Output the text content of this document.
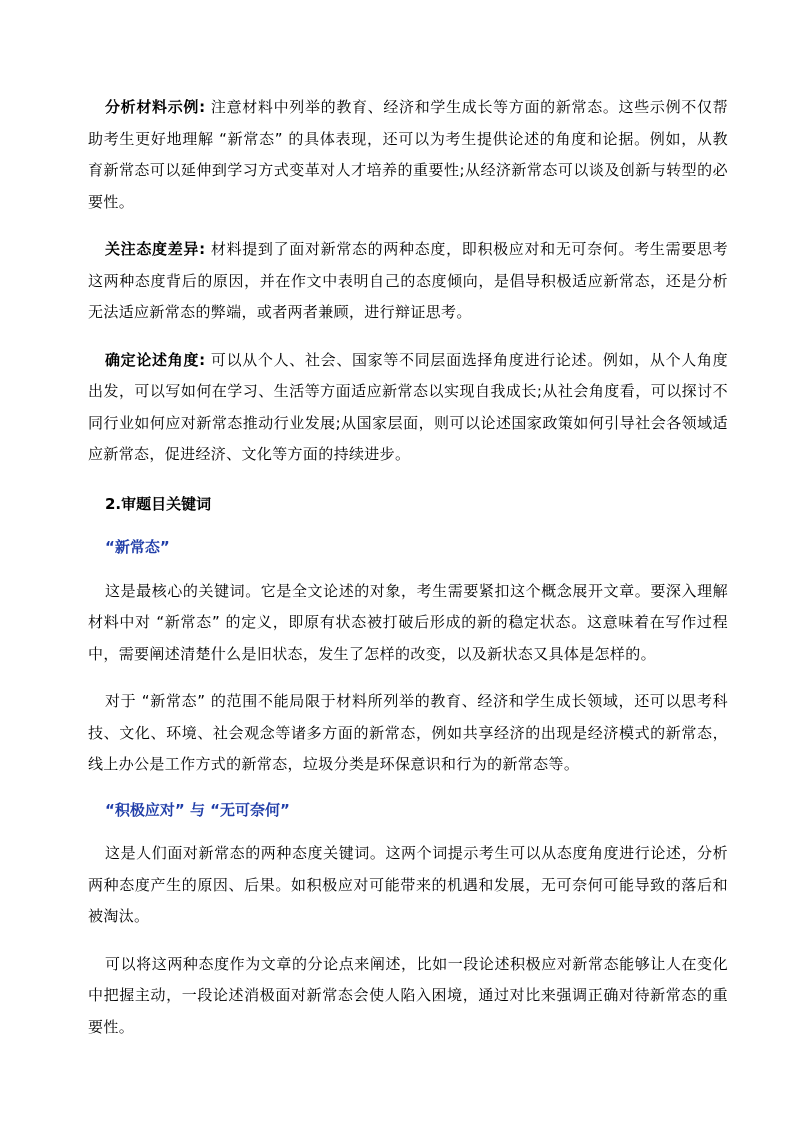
分析材料示例: 注意材料中列举的教育、经济和学生成长等方面的新常态。这些示例不仅帮助考生更好地理解 “新常态” 的具体表现，还可以为考生提供论述的角度和论据。例如，从教育新常态可以延伸到学习方式变革对人才培养的重要性;从经济新常态可以谈及创新与转型的必要性。

关注态度差异: 材料提到了面对新常态的两种态度，即积极应对和无可奈何。考生需要思考这两种态度背后的原因，并在作文中表明自己的态度倾向，是倡导积极适应新常态，还是分析无法适应新常态的弊端，或者两者兼顾，进行辩证思考。

确定论述角度: 可以从个人、社会、国家等不同层面选择角度进行论述。例如，从个人角度出发，可以写如何在学习、生活等方面适应新常态以实现自我成长;从社会角度看，可以探讨不同行业如何应对新常态推动行业发展;从国家层面，则可以论述国家政策如何引导社会各领域适应新常态，促进经济、文化等方面的持续进步。

2.审题目关键词
“新常态”

这是最核心的关键词。它是全文论述的对象，考生需要紧扣这个概念展开文章。要深入理解材料中对 “新常态” 的定义，即原有状态被打破后形成的新的稳定状态。这意味着在写作过程中，需要阐述清楚什么是旧状态，发生了怎样的改变，以及新状态又具体是怎样的。

对于 “新常态” 的范围不能局限于材料所列举的教育、经济和学生成长领域，还可以思考科技、文化、环境、社会观念等诸多方面的新常态，例如共享经济的出现是经济模式的新常态，线上办公是工作方式的新常态，垃圾分类是环保意识和行为的新常态等。

“积极应对” 与 “无可奈何”

这是人们面对新常态的两种态度关键词。这两个词提示考生可以从态度角度进行论述，分析两种态度产生的原因、后果。如积极应对可能带来的机遇和发展，无可奈何可能导致的落后和被淘汰。

可以将这两种态度作为文章的分论点来阐述，比如一段论述积极应对新常态能够让人在变化中把握主动，一段论述消极面对新常态会使人陷入困境，通过对比来强调正确对待新常态的重要性。
